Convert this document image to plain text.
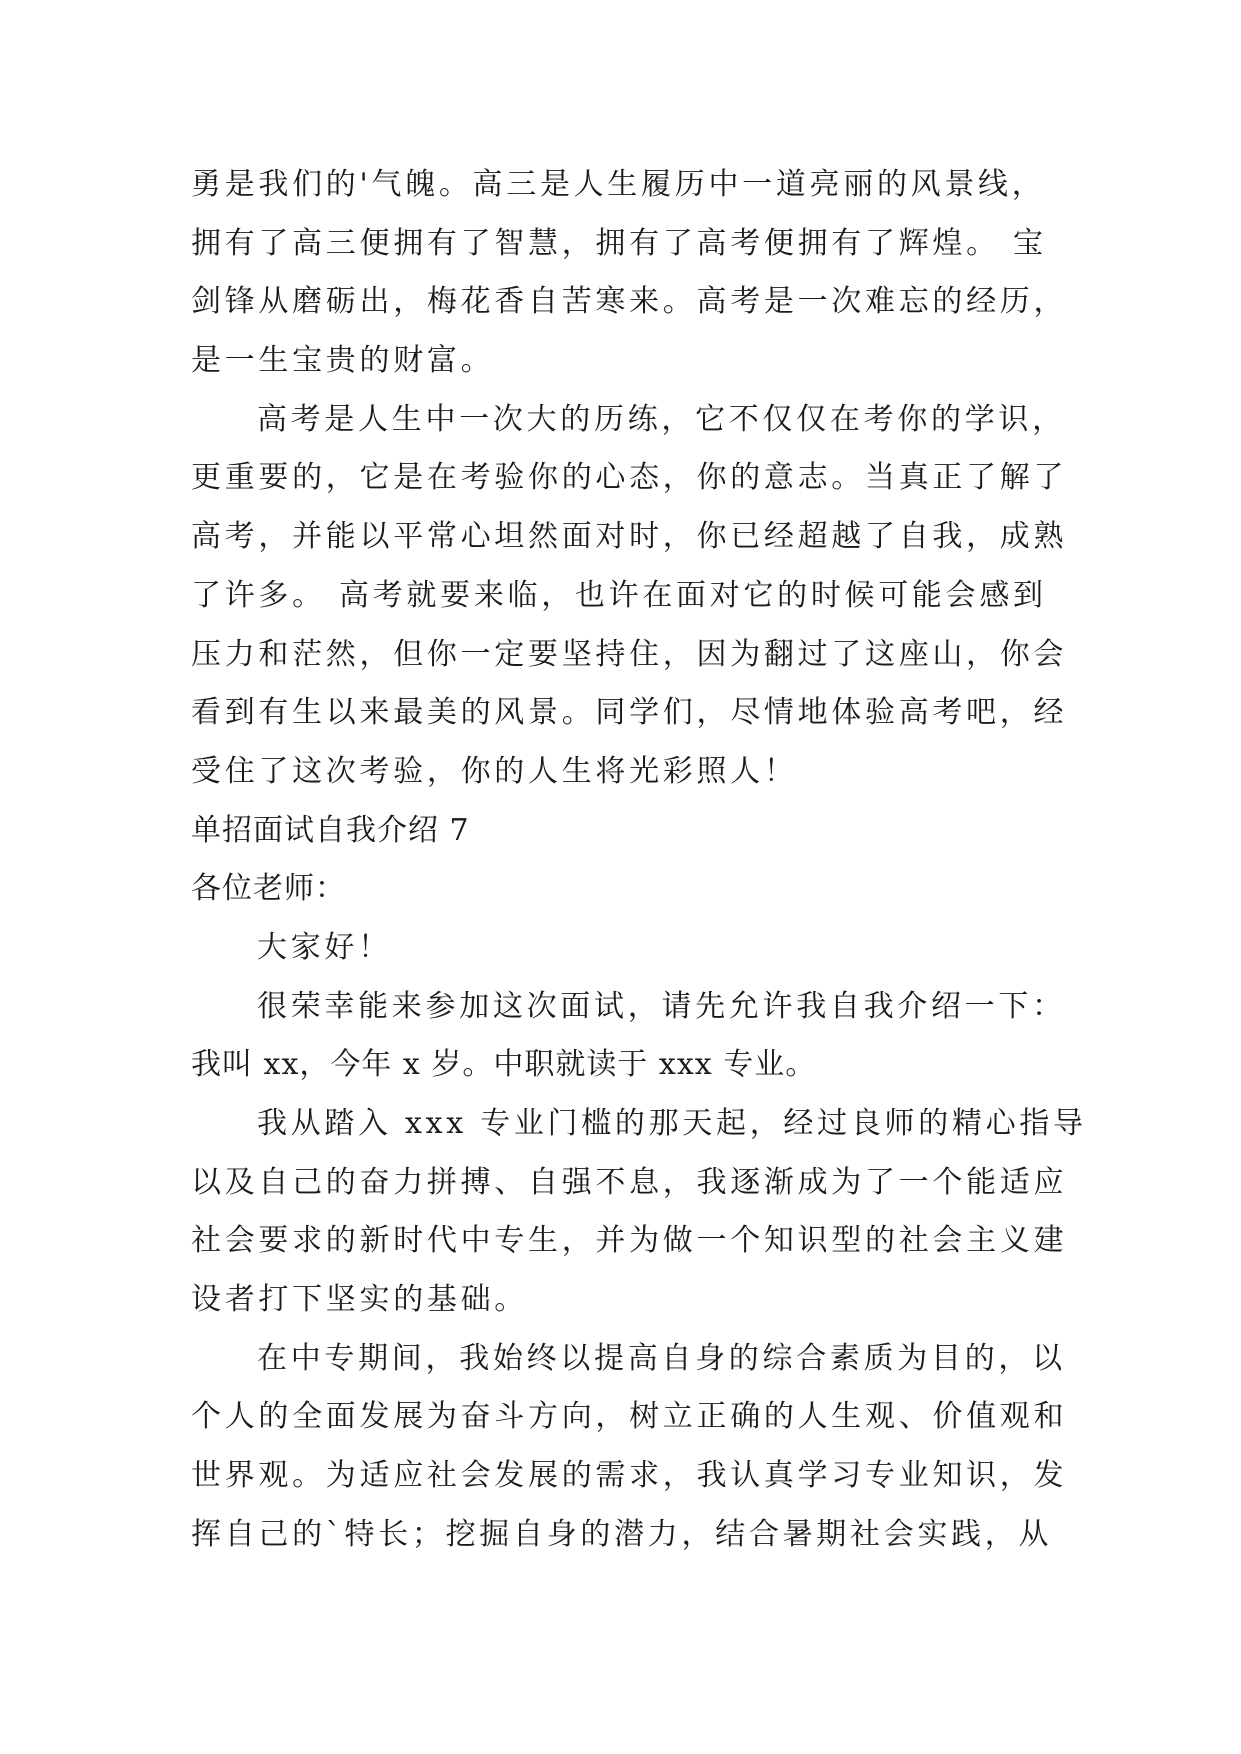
勇是我们的'气魄。高三是人生履历中一道亮丽的风景线，
拥有了高三便拥有了智慧，拥有了高考便拥有了辉煌。 宝
剑锋从磨砺出，梅花香自苦寒来。高考是一次难忘的经历，
是一生宝贵的财富。
高考是人生中一次大的历练，它不仅仅在考你的学识，
更重要的，它是在考验你的心态，你的意志。当真正了解了
高考，并能以平常心坦然面对时，你已经超越了自我，成熟
了许多。 高考就要来临，也许在面对它的时候可能会感到
压力和茫然，但你一定要坚持住，因为翻过了这座山，你会
看到有生以来最美的风景。同学们，尽情地体验高考吧，经
受住了这次考验，你的人生将光彩照人！
单招面试自我介绍 7
各位老师：
大家好！
很荣幸能来参加这次面试，请先允许我自我介绍一下：
我叫 xx，今年 x 岁。中职就读于 xxx 专业。
我从踏入 xxx 专业门槛的那天起，经过良师的精心指导
以及自己的奋力拼搏、自强不息，我逐渐成为了一个能适应
社会要求的新时代中专生，并为做一个知识型的社会主义建
设者打下坚实的基础。
在中专期间，我始终以提高自身的综合素质为目的，以
个人的全面发展为奋斗方向，树立正确的人生观、价值观和
世界观。为适应社会发展的需求，我认真学习专业知识，发
挥自己的`特长；挖掘自身的潜力，结合暑期社会实践，从
